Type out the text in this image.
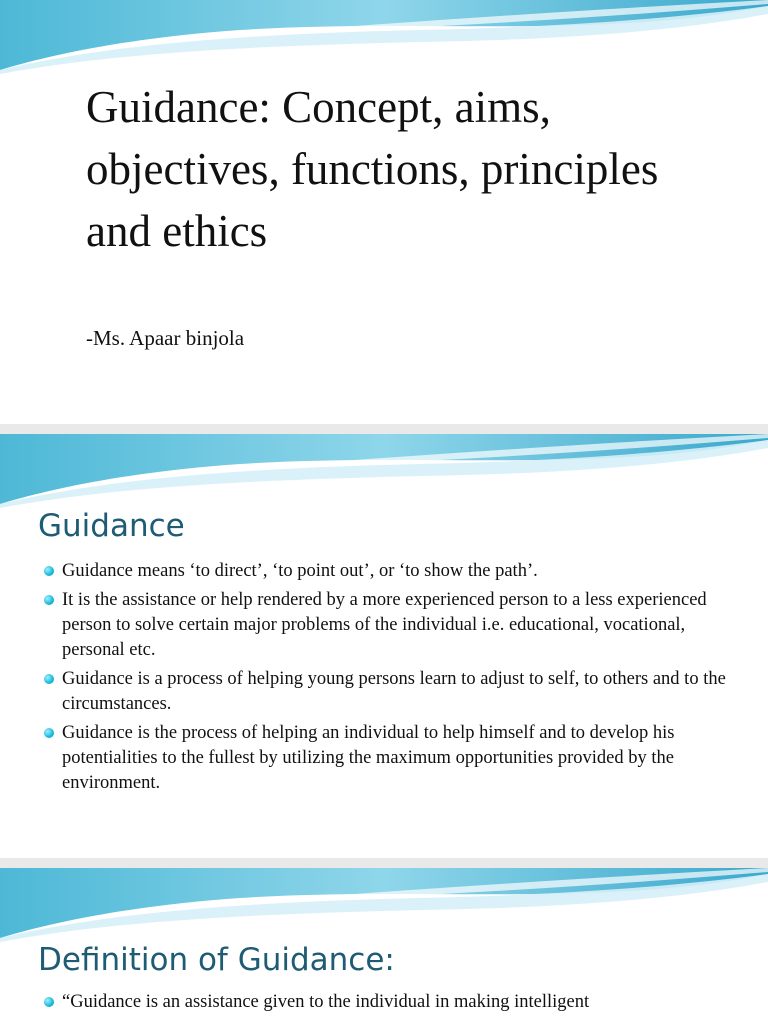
Guidance: Concept, aims, objectives, functions, principles and ethics
-Ms. Apaar binjola
Guidance
Guidance means ‘to direct’, ‘to point out’, or ‘to show the path’.
It is the assistance or help rendered by a more experienced person to a less experienced person to solve certain major problems of the individual i.e. educational, vocational, personal etc.
Guidance is a process of helping young persons learn to adjust to self, to others and to the circumstances.
Guidance is the process of helping an individual to help himself and to develop his potentialities to the fullest by utilizing the maximum opportunities provided by the environment.
Definition of Guidance:
“Guidance is an assistance given to the individual in making intelligent
